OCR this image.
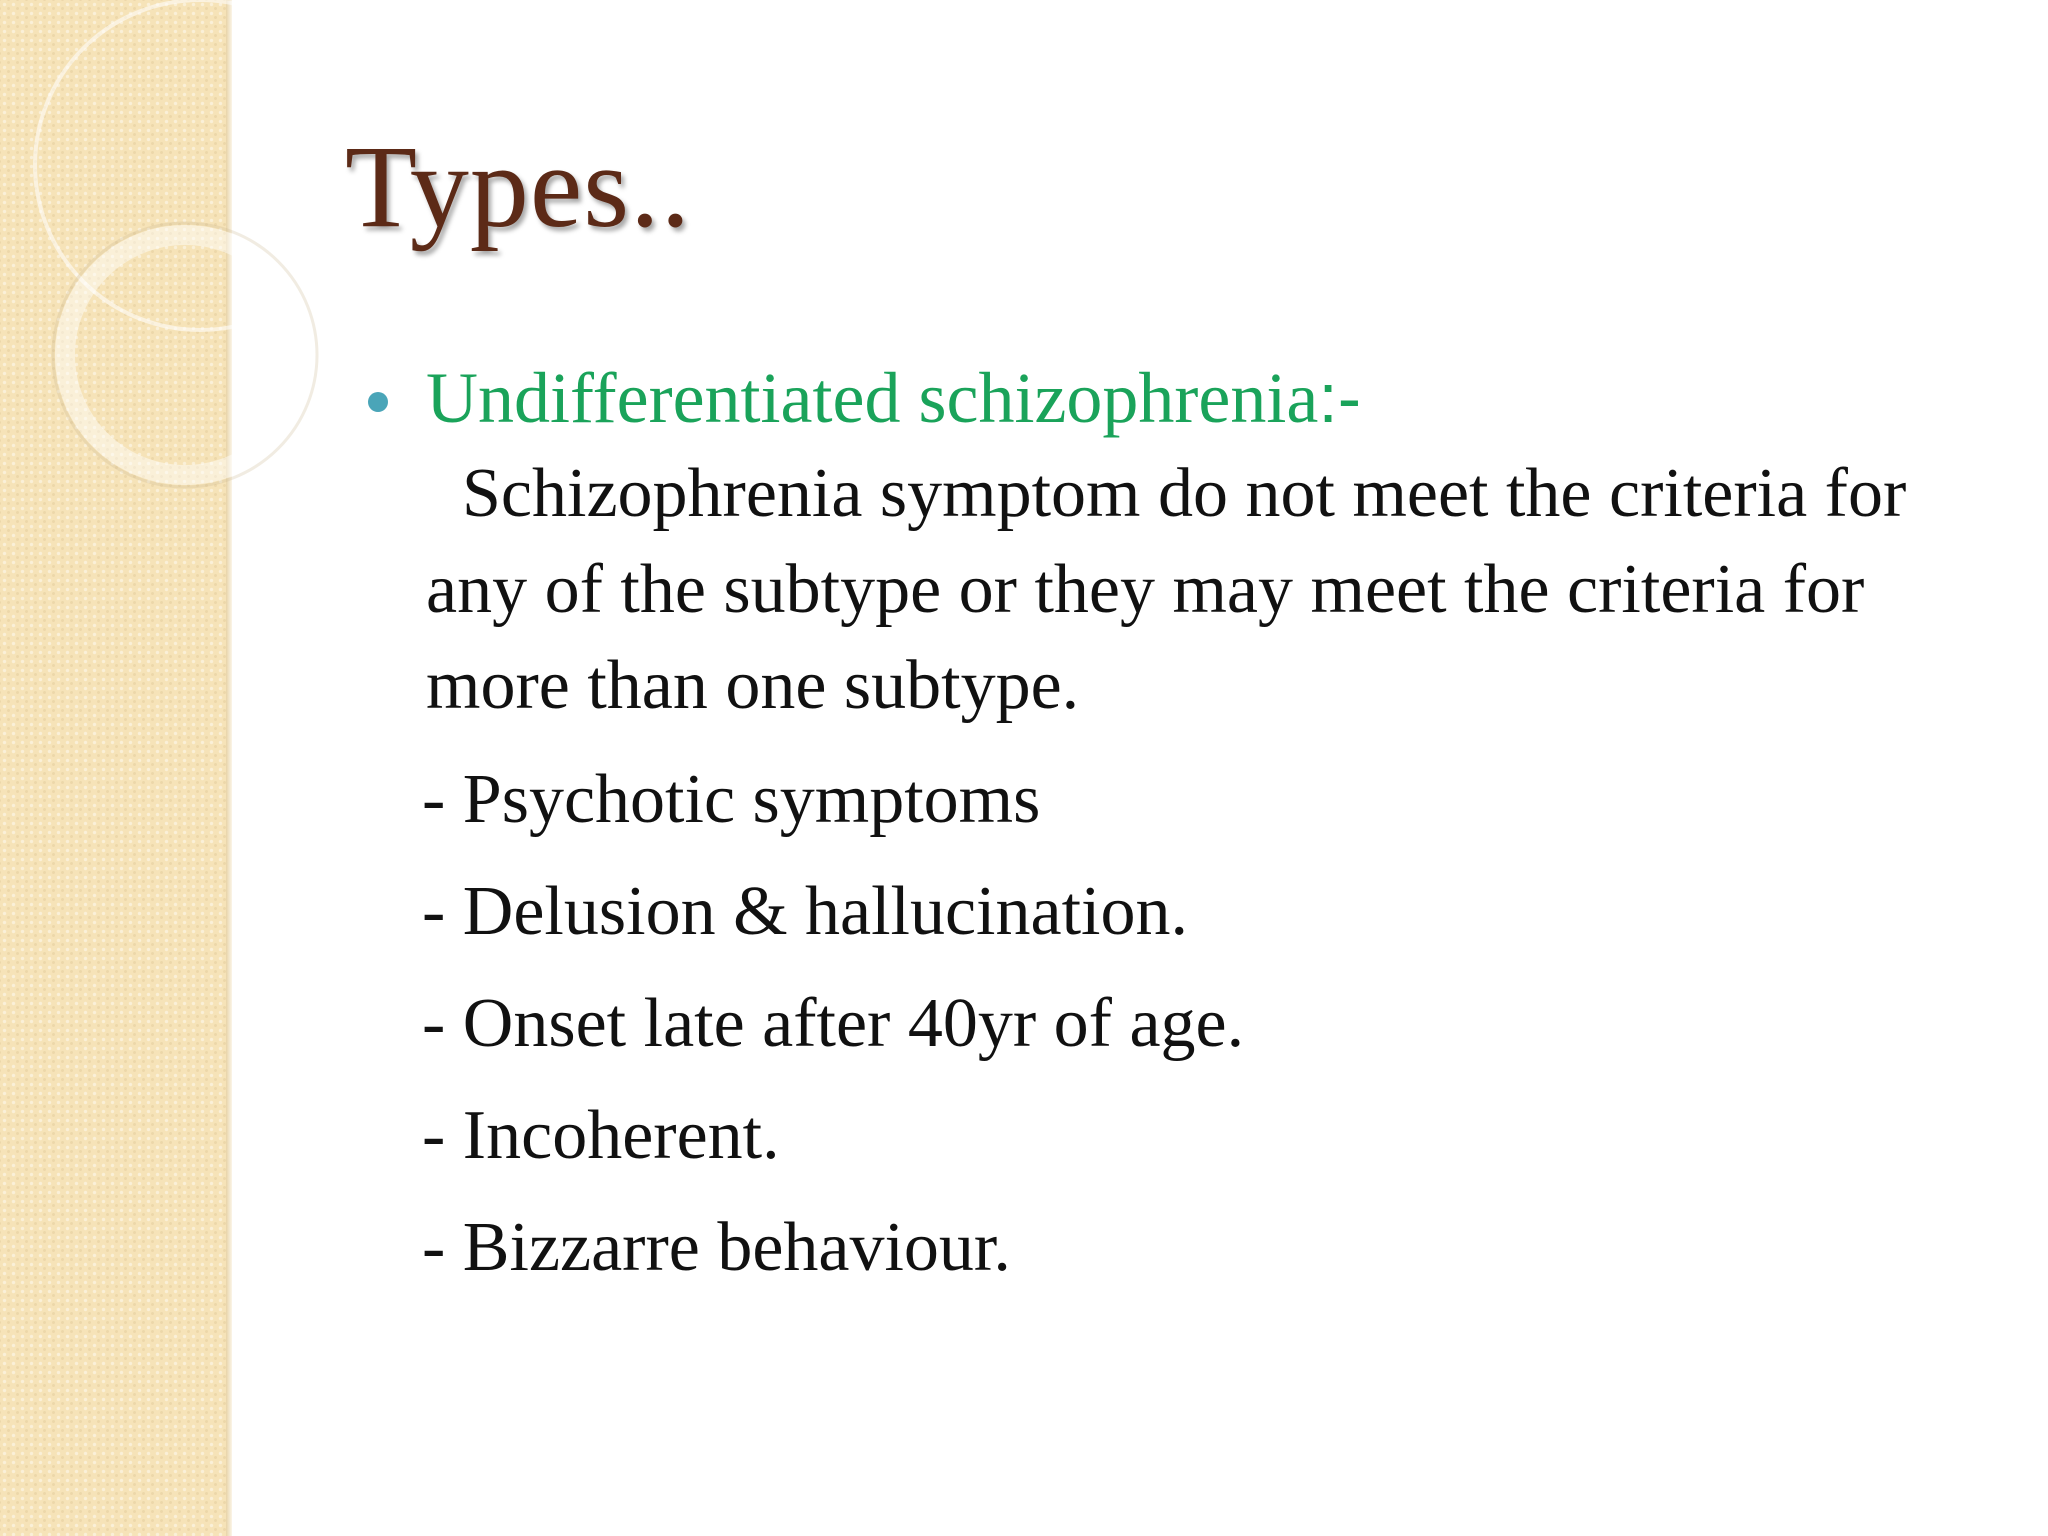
Types..
Undifferentiated schizophrenia:-

Schizophrenia symptom do not meet the criteria for any of the subtype or they may meet the criteria for more than one subtype.

- Psychotic symptoms
- Delusion & hallucination.
- Onset late after 40yr of age.
- Incoherent.
- Bizzarre behaviour.
